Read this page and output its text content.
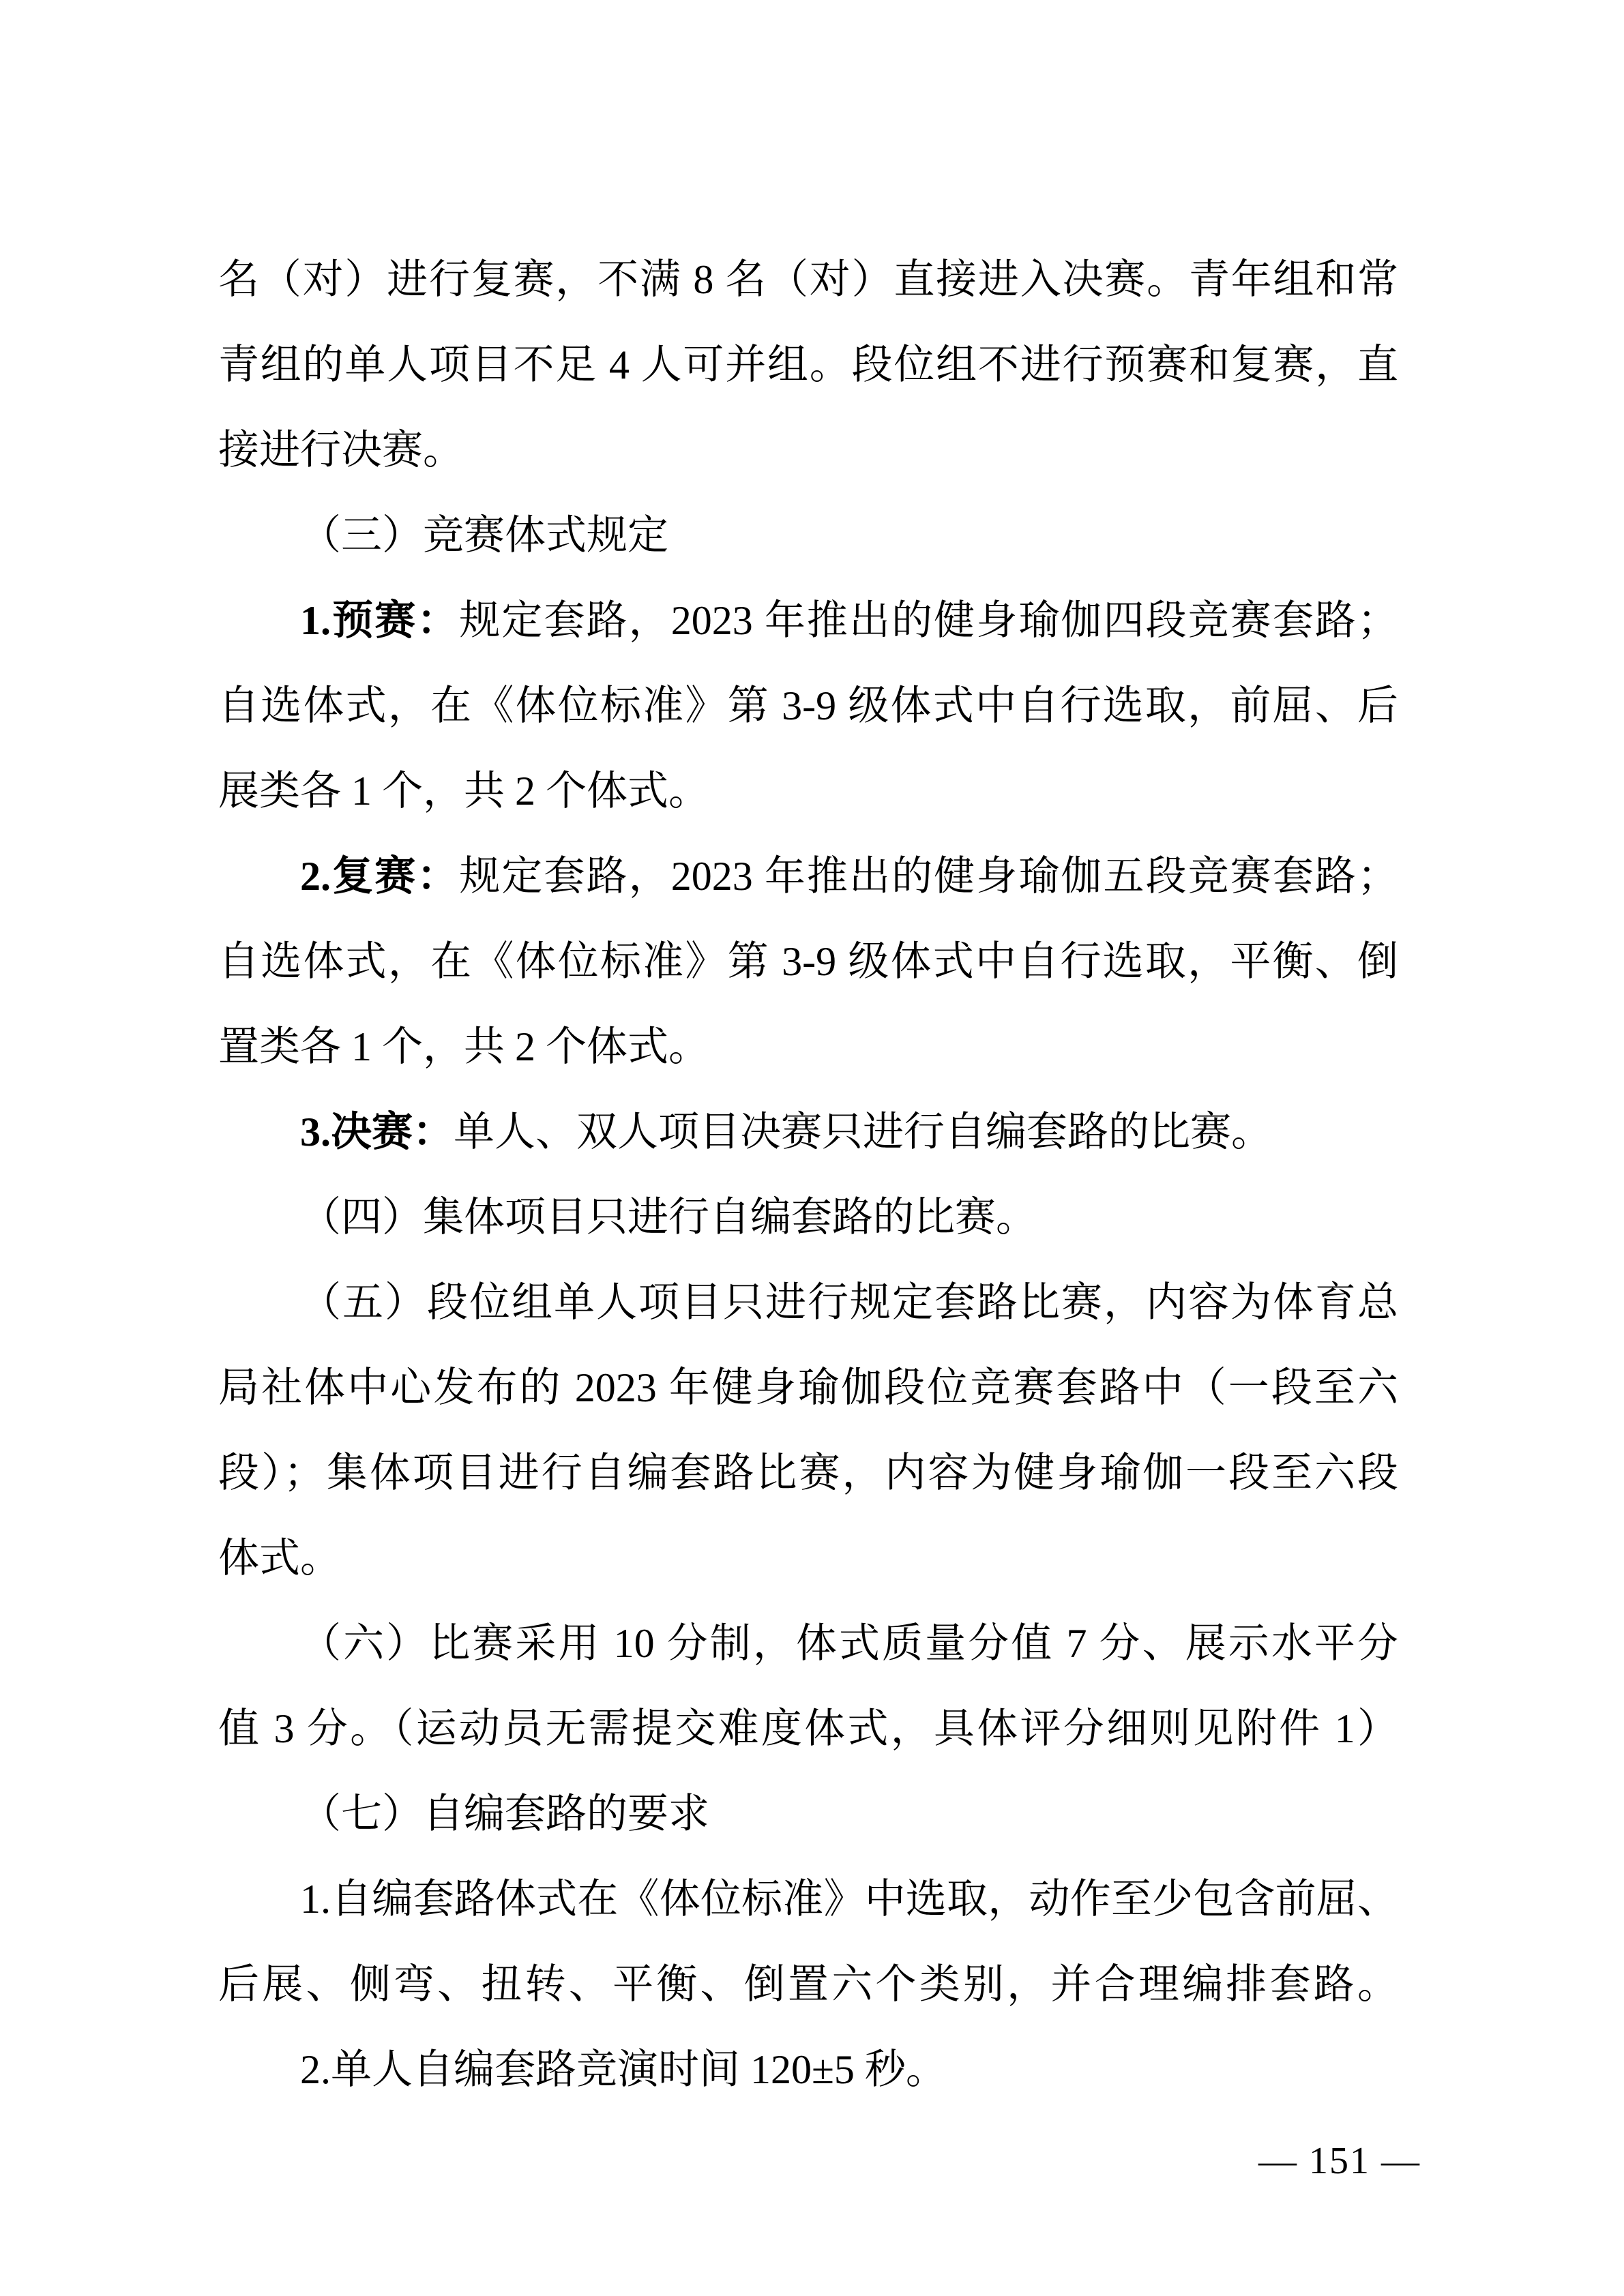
名（对）进行复赛，不满 8 名（对）直接进入决赛。青年组和常
青组的单人项目不足 4 人可并组。段位组不进行预赛和复赛，直
接进行决赛。
（三）竞赛体式规定
1.预赛：规定套路，2023 年推出的健身瑜伽四段竞赛套路；
自选体式，在《体位标准》第 3-9 级体式中自行选取，前屈、后
展类各 1 个，共 2 个体式。
2.复赛：规定套路，2023 年推出的健身瑜伽五段竞赛套路；
自选体式，在《体位标准》第 3-9 级体式中自行选取，平衡、倒
置类各 1 个，共 2 个体式。
3.决赛：单人、双人项目决赛只进行自编套路的比赛。
（四）集体项目只进行自编套路的比赛。
（五）段位组单人项目只进行规定套路比赛，内容为体育总
局社体中心发布的 2023 年健身瑜伽段位竞赛套路中（一段至六
段）；集体项目进行自编套路比赛，内容为健身瑜伽一段至六段
体式。
（六）比赛采用 10 分制，体式质量分值 7 分、展示水平分
值 3 分。（运动员无需提交难度体式，具体评分细则见附件 1）
（七）自编套路的要求
1.自编套路体式在《体位标准》中选取，动作至少包含前屈、
后展、侧弯、扭转、平衡、倒置六个类别，并合理编排套路。
2.单人自编套路竞演时间 120±5 秒。
— 151 —
